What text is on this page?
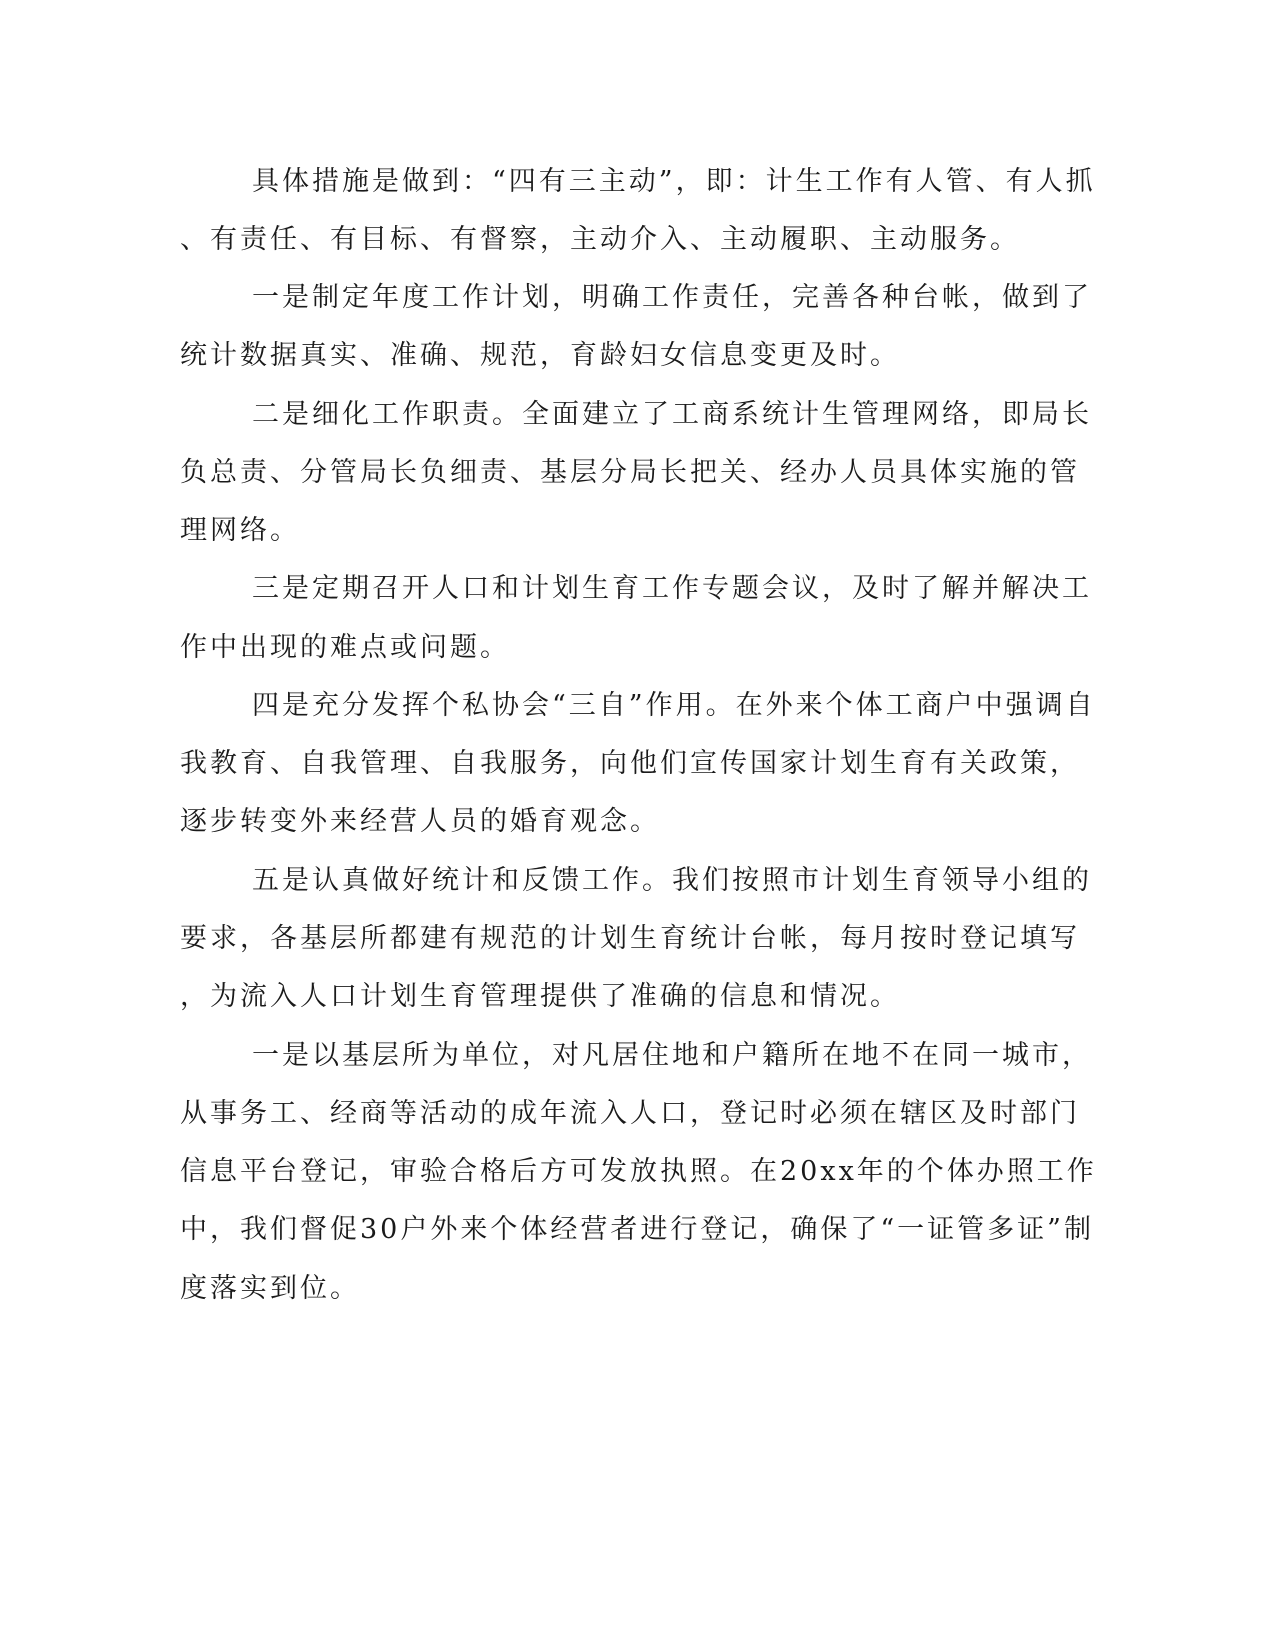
具体措施是做到：“四有三主动”，即：计生工作有人管、有人抓
、有责任、有目标、有督察，主动介入、主动履职、主动服务。
一是制定年度工作计划，明确工作责任，完善各种台帐，做到了
统计数据真实、准确、规范，育龄妇女信息变更及时。
二是细化工作职责。全面建立了工商系统计生管理网络，即局长
负总责、分管局长负细责、基层分局长把关、经办人员具体实施的管
理网络。
三是定期召开人口和计划生育工作专题会议，及时了解并解决工
作中出现的难点或问题。
四是充分发挥个私协会“三自”作用。在外来个体工商户中强调自
我教育、自我管理、自我服务，向他们宣传国家计划生育有关政策，
逐步转变外来经营人员的婚育观念。
五是认真做好统计和反馈工作。我们按照市计划生育领导小组的
要求，各基层所都建有规范的计划生育统计台帐，每月按时登记填写
，为流入人口计划生育管理提供了准确的信息和情况。
一是以基层所为单位，对凡居住地和户籍所在地不在同一城市，
从事务工、经商等活动的成年流入人口，登记时必须在辖区及时部门
信息平台登记，审验合格后方可发放执照。在20xx年的个体办照工作
中，我们督促30户外来个体经营者进行登记，确保了“一证管多证”制
度落实到位。
